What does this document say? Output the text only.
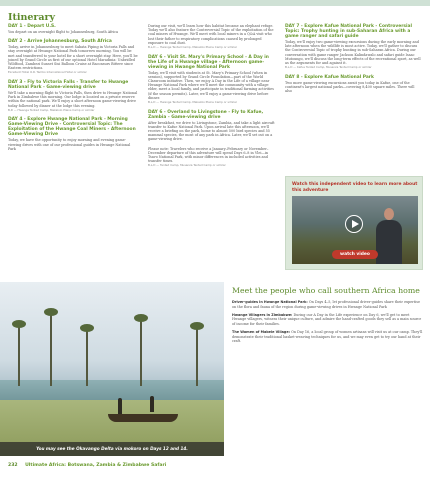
Itinerary
DAY 1 - Depart U.S.

You depart on an overnight flight to Johannesburg, South Africa

DAY 2 - Arrive Johannesburg, South Africa

Today, arrive in Johannesburg to meet Sabata Piping in Victoria Falls and stay overnight at Hwange National Park tomorrow morning. You will be met and transferred to your hotel for a short overnight stay. Here, you'll be joined by Grand Circle as first of our optional Hotel Maradinia: Unbridled Wildfood, Zambezi Sunset Sisi Balloon Cruise at Baconsurs Bittere since Eastern restrictions.

Excellent Hotel O.R. Tambo International Hotel or similar
DAY 3 - Fly to Victoria Falls - Transfer to Hwange National Park - Game-viewing drive

We'll take a morning flight to Victoria Falls, then drive to Hwange National Park in Zimbabwe this morning. Our lodge is located on a private reserve within the national park. We'll enjoy a short afternoon game-viewing drive today followed by dinner at the lodge this evening.

B,D — Hwange Tented Camp, Makalolo Plains Camp or similar
DAY 4 - Explore Hwange National Park - Morning Game-Viewing Drive - Controversial Topic: The Exploitation of the Hwange Coal Miners - Afternoon Game-Viewing Drive

Today, we have the opportunity to enjoy morning and evening game-viewing drives with one of our professional guides in Hwange National Park

During our visit, we'll learn how this habitat became an elephant refuge. Today we'll also feature the Controversial Topic of the exploitation of the coal miners of Hwange. We'll meet with local miners in a Q&A visit who lost their father to respiratory complications caused by prolonged exposure to coal dust.

B,L,D — Hwange Tented Camp, Makalolo Plains Camp or similar
DAY 6 - Visit St. Mary's Primary School - A Day in the Life of a Hwange village - Afternoon game-viewing in Hwange National Park

Today, we'll visit with students at St. Mary's Primary School (when in session), supported by Grand Circle Foundation—part of the World Classroom initiative. Then, we enjoy A Day in the Life of a village near Hwange National Park where we'll meet the community with a village elder, meet a local family, and participate in traditional farming activities (if the season permits). Later, we'll enjoy a game-viewing drive before dinner.

B,L,D — Hwange Tented Camp, Makalolo Plains Camp or similar
DAY 6 - Overland to Livingstone - Fly to Kafue, Zambia - Game-viewing drive

After breakfast, we drive to Livingstone, Zambia, and take a light aircraft transfer to Kafue National Park. Upon arrival late this afternoon, we'll receive a briefing on the park, home to almost 500 bird species and 55 mammal species, the most of any park in Africa. Later, we'll set out on a game-viewing drive.

Please note: Travelers who receive a January–February or November–December departure of this adventure will spend Days 6–8 in Vlei—in Tsavo National Park, with minor differences in included activities and transfer times.

B,L,D — Tented Camp, Musanza Tented Camp or similar
DAY 7 - Explore Kafue National Park - Controversial Topic: Trophy hunting in sub-Saharan Africa with a game ranger and safari guide

Today, we'll enjoy two game-viewing excursions during the early morning and late afternoon when the wildlife is most active. Today, we'll gather to discuss the Controversial Topic of trophy hunting in sub-Saharan Africa. During our conversation with game ranger Jackson Kalindawalo and safari guide Isaac Mutoungo, we'll discuss the long-term effects of the recreational sport, as well as the arguments for and against it.

B,L,D — Kafue Tented Camp, Musanza Tented Camp or similar
DAY 8 - Explore Kafue National Park

Two more game-viewing excursions await you today in Kafue, one of the continent's largest national parks—covering 8,400 square miles. There will also

Watch this independent video to learn more about this adventure
watch video
You may see the Okavango Delta via mokoro on Days 12 and 14.
Meet the people who call southern Africa home
Driver-guides in Hwange National Park: On Days 4–5, let professional driver-guides share their expertise on the flora and fauna of the region during game-viewing drives in Hwange National Park
Hwange Villagers in Zimbabwe: During our A Day in the Life experience on Day 6, we'll get to meet Hwange villagers, witness their unique culture, and admire the hand-crafted goods they sell as a main source of income for their families.
The Women of Mabele Village: On Day 16, a local group of women artisans will visit us at our camp. They'll demonstrate their traditional basket-weaving techniques for us, and we may even get to try our hand at their craft.
232 Ultimate Africa: Botswana, Zambia & Zimbabwe Safari
